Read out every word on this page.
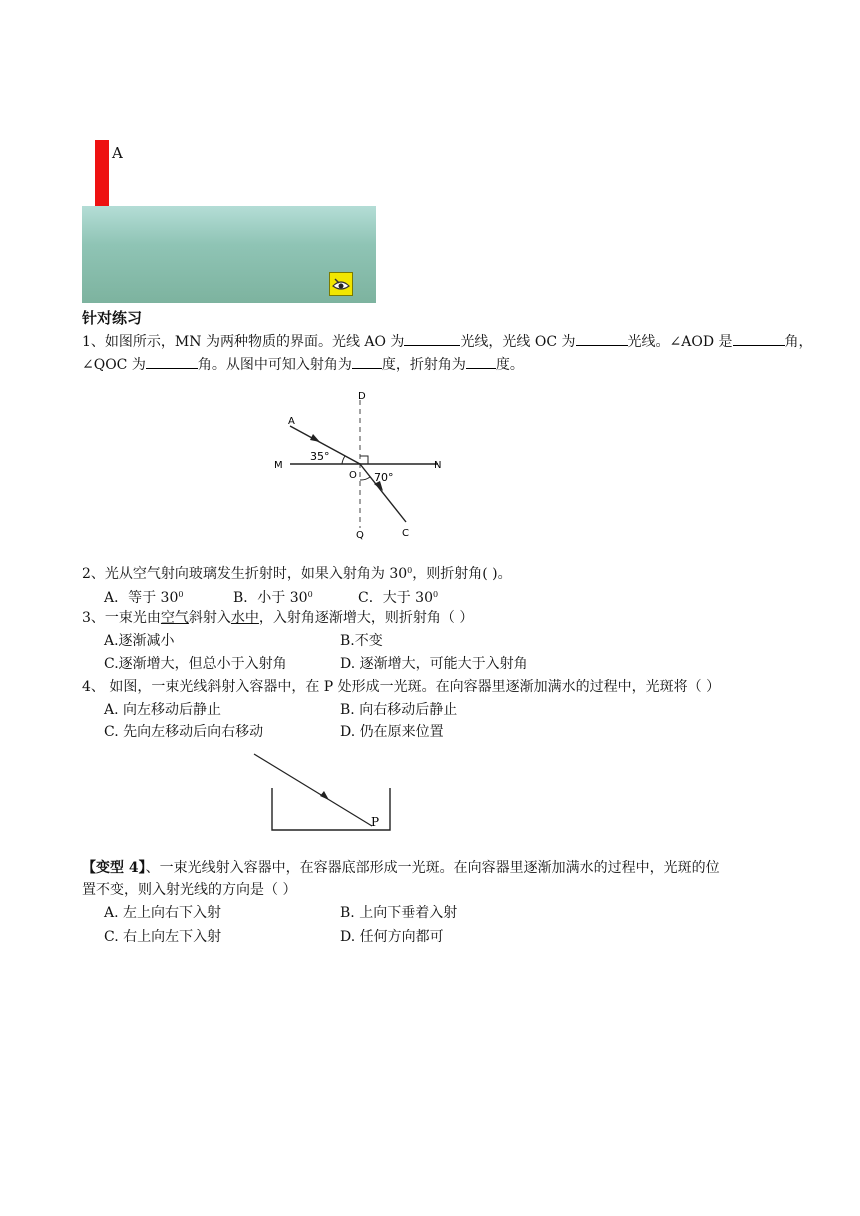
A
针对练习
1、如图所示，MN 为两种物质的界面。光线 AO 为	光线，光线 OC 为	光线。∠AOD 是	角，
∠QOC 为	角。从图中可知入射角为 度，折射角为 度。
A
D
M	N
O
Q	C
35°
70°
2、光从空气射向玻璃发生折射时，如果入射角为 $30^0$，则折射角( )。
A．等于 $30^0$	B．小于 $30^0$	C．大于 $30^0$
3、一束光由空气斜射入水中，入射角逐渐增大，则折射角（ ）
A.逐渐减小	B.不变
C.逐渐增大，但总小于入射角	D. 逐渐增大，可能大于入射角
4、 如图，一束光线斜射入容器中，在 P 处形成一光斑。在向容器里逐渐加满水的过程中，光斑将（ ）
A. 向左移动后静止	B. 向右移动后静止
C. 先向左移动后向右移动	D. 仍在原来位置
P
【变型 4】、一束光线射入容器中，在容器底部形成一光斑。在向容器里逐渐加满水的过程中，光斑的位
置不变，则入射光线的方向是（ ）
A. 左上向右下入射	B. 上向下垂着入射
C. 右上向左下入射	D. 任何方向都可
